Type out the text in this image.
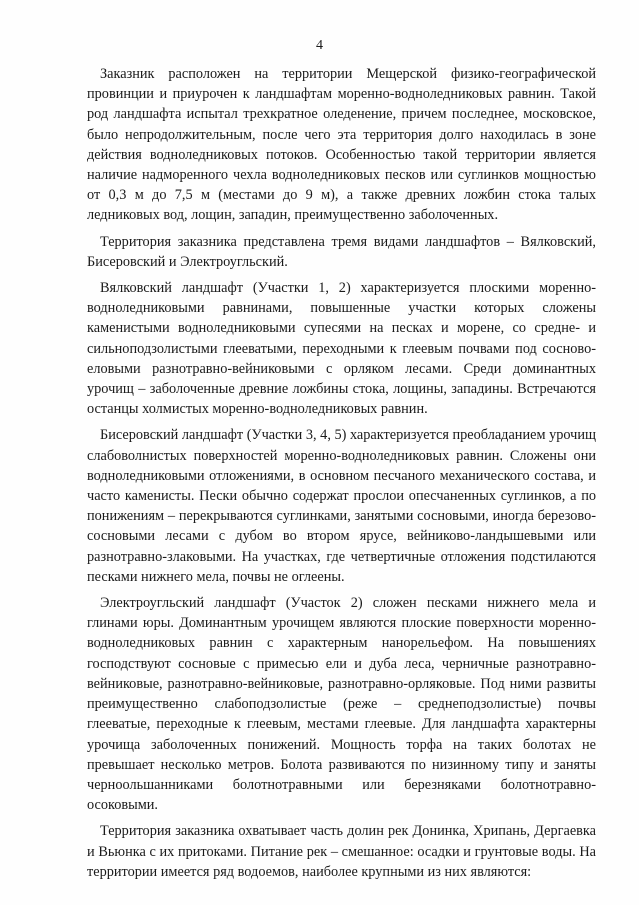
4

Заказник расположен на территории Мещерской физико-географической провинции и приурочен к ландшафтам моренно-водноледниковых равнин. Такой род ландшафта испытал трехкратное оледенение, причем последнее, московское, было непродолжительным, после чего эта территория долго находилась в зоне действия водноледниковых потоков. Особенностью такой территории является наличие надморенного чехла водноледниковых песков или суглинков мощностью от 0,3 м до 7,5 м (местами до 9 м), а также древних ложбин стока талых ледниковых вод, лощин, западин, преимущественно заболоченных.

Территория заказника представлена тремя видами ландшафтов – Вялковский, Бисеровский и Электроугльский.

Вялковский ландшафт (Участки 1, 2) характеризуется плоскими моренно-водноледниковыми равнинами, повышенные участки которых сложены каменистыми водноледниковыми супесями на песках и морене, со средне- и сильноподзолистыми глееватыми, переходными к глеевым почвами под сосново-еловыми разнотравно-вейниковыми с орляком лесами. Среди доминантных урочищ – заболоченные древние ложбины стока, лощины, западины. Встречаются останцы холмистых моренно-водноледниковых равнин.

Бисеровский ландшафт (Участки 3, 4, 5) характеризуется преобладанием урочищ слабоволнистых поверхностей моренно-водноледниковых равнин. Сложены они водноледниковыми отложениями, в основном песчаного механического состава, и часто каменисты. Пески обычно содержат прослои опесчаненных суглинков, а по понижениям – перекрываются суглинками, занятыми сосновыми, иногда березово-сосновыми лесами с дубом во втором ярусе, вейниково-ландышевыми или разнотравно-злаковыми. На участках, где четвертичные отложения подстилаются песками нижнего мела, почвы не оглеены.

Электроугльский ландшафт (Участок 2) сложен песками нижнего мела и глинами юры. Доминантным урочищем являются плоские поверхности моренно-водноледниковых равнин с характерным нанорельефом. На повышениях господствуют сосновые с примесью ели и дуба леса, черничные разнотравно-вейниковые, разнотравно-вейниковые, разнотравно-орляковые. Под ними развиты преимущественно слабоподзолистые (реже – среднеподзолистые) почвы глееватые, переходные к глеевым, местами глеевые. Для ландшафта характерны урочища заболоченных понижений. Мощность торфа на таких болотах не превышает несколько метров. Болота развиваются по низинному типу и заняты черноольшанниками болотнотравными или березняками болотнотравно-осоковыми.

Территория заказника охватывает часть долин рек Донинка, Хрипань, Дергаевка и Вьюнка с их притоками. Питание рек – смешанное: осадки и грунтовые воды. На территории имеется ряд водоемов, наиболее крупными из них являются:
